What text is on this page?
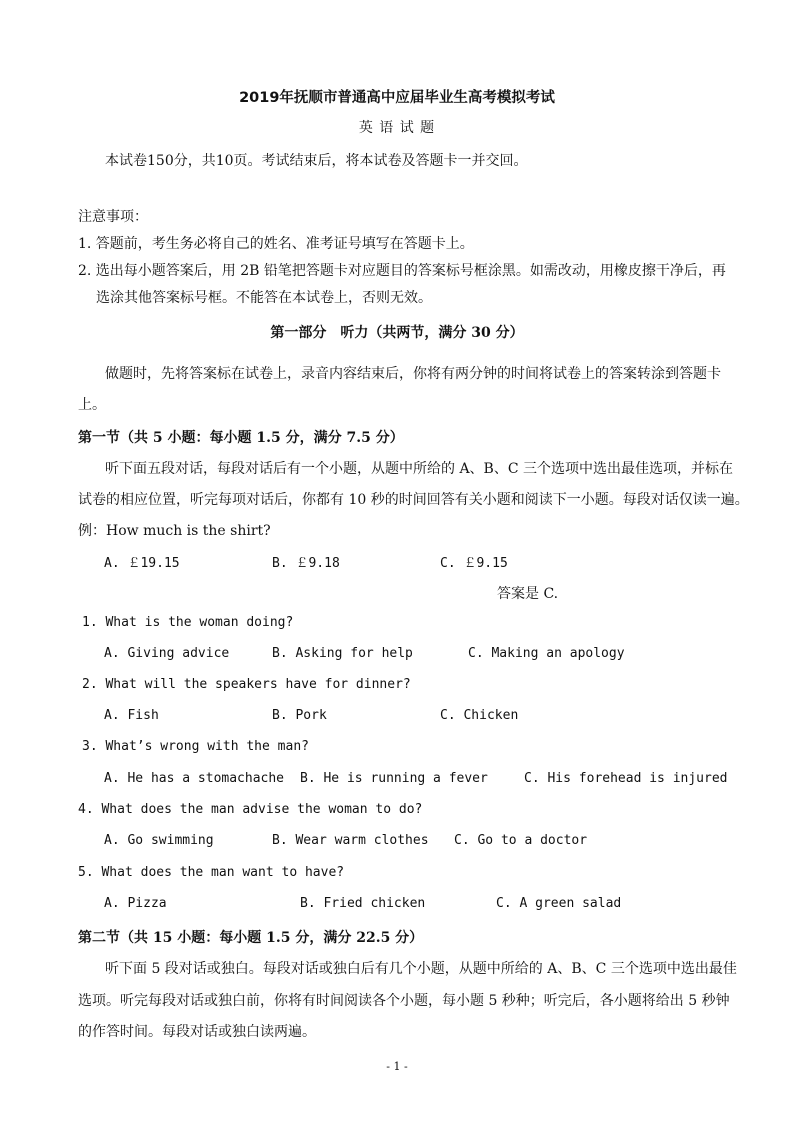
2019年抚顺市普通高中应届毕业生高考模拟考试
英 语 试 题
本试卷150分，共10页。考试结束后，将本试卷及答题卡一并交回。
注意事项：
1. 答题前，考生务必将自己的姓名、准考证号填写在答题卡上。
2. 选出每小题答案后，用 2B 铅笔把答题卡对应题目的答案标号框涂黑。如需改动，用橡皮擦干净后，再
选涂其他答案标号框。不能答在本试卷上，否则无效。
第一部分　听力（共两节，满分 30 分）
做题时，先将答案标在试卷上，录音内容结束后，你将有两分钟的时间将试卷上的答案转涂到答题卡
上。
第一节（共 5 小题：每小题 1.5 分，满分 7.5 分）
听下面五段对话，每段对话后有一个小题，从题中所给的 A、B、C 三个选项中选出最佳选项，并标在
试卷的相应位置，听完每项对话后，你都有 10 秒的时间回答有关小题和阅读下一小题。每段对话仅读一遍。
例：How much is the shirt?
A. ￡19.15	B. ￡9.18	C. ￡9.15
答案是 C.
1. What is the woman doing?
A. Giving advice	B. Asking for help	C. Making an apology
2. What will the speakers have for dinner?
A. Fish	B. Pork	C. Chicken
3. What’s wrong with the man?
A. He has a stomachache B. He is running a fever	C. His forehead is injured
4. What does the man advise the woman to do?
A. Go swimming	B. Wear warm clothes C. Go to a doctor
5. What does the man want to have?
A. Pizza	B. Fried chicken	C. A green salad
第二节（共 15 小题：每小题 1.5 分，满分 22.5 分）
听下面 5 段对话或独白。每段对话或独白后有几个小题，从题中所给的 A、B、C 三个选项中选出最佳
选项。听完每段对话或独白前，你将有时间阅读各个小题，每小题 5 秒种；听完后，各小题将给出 5 秒钟
的作答时间。每段对话或独白读两遍。
- 1 -
